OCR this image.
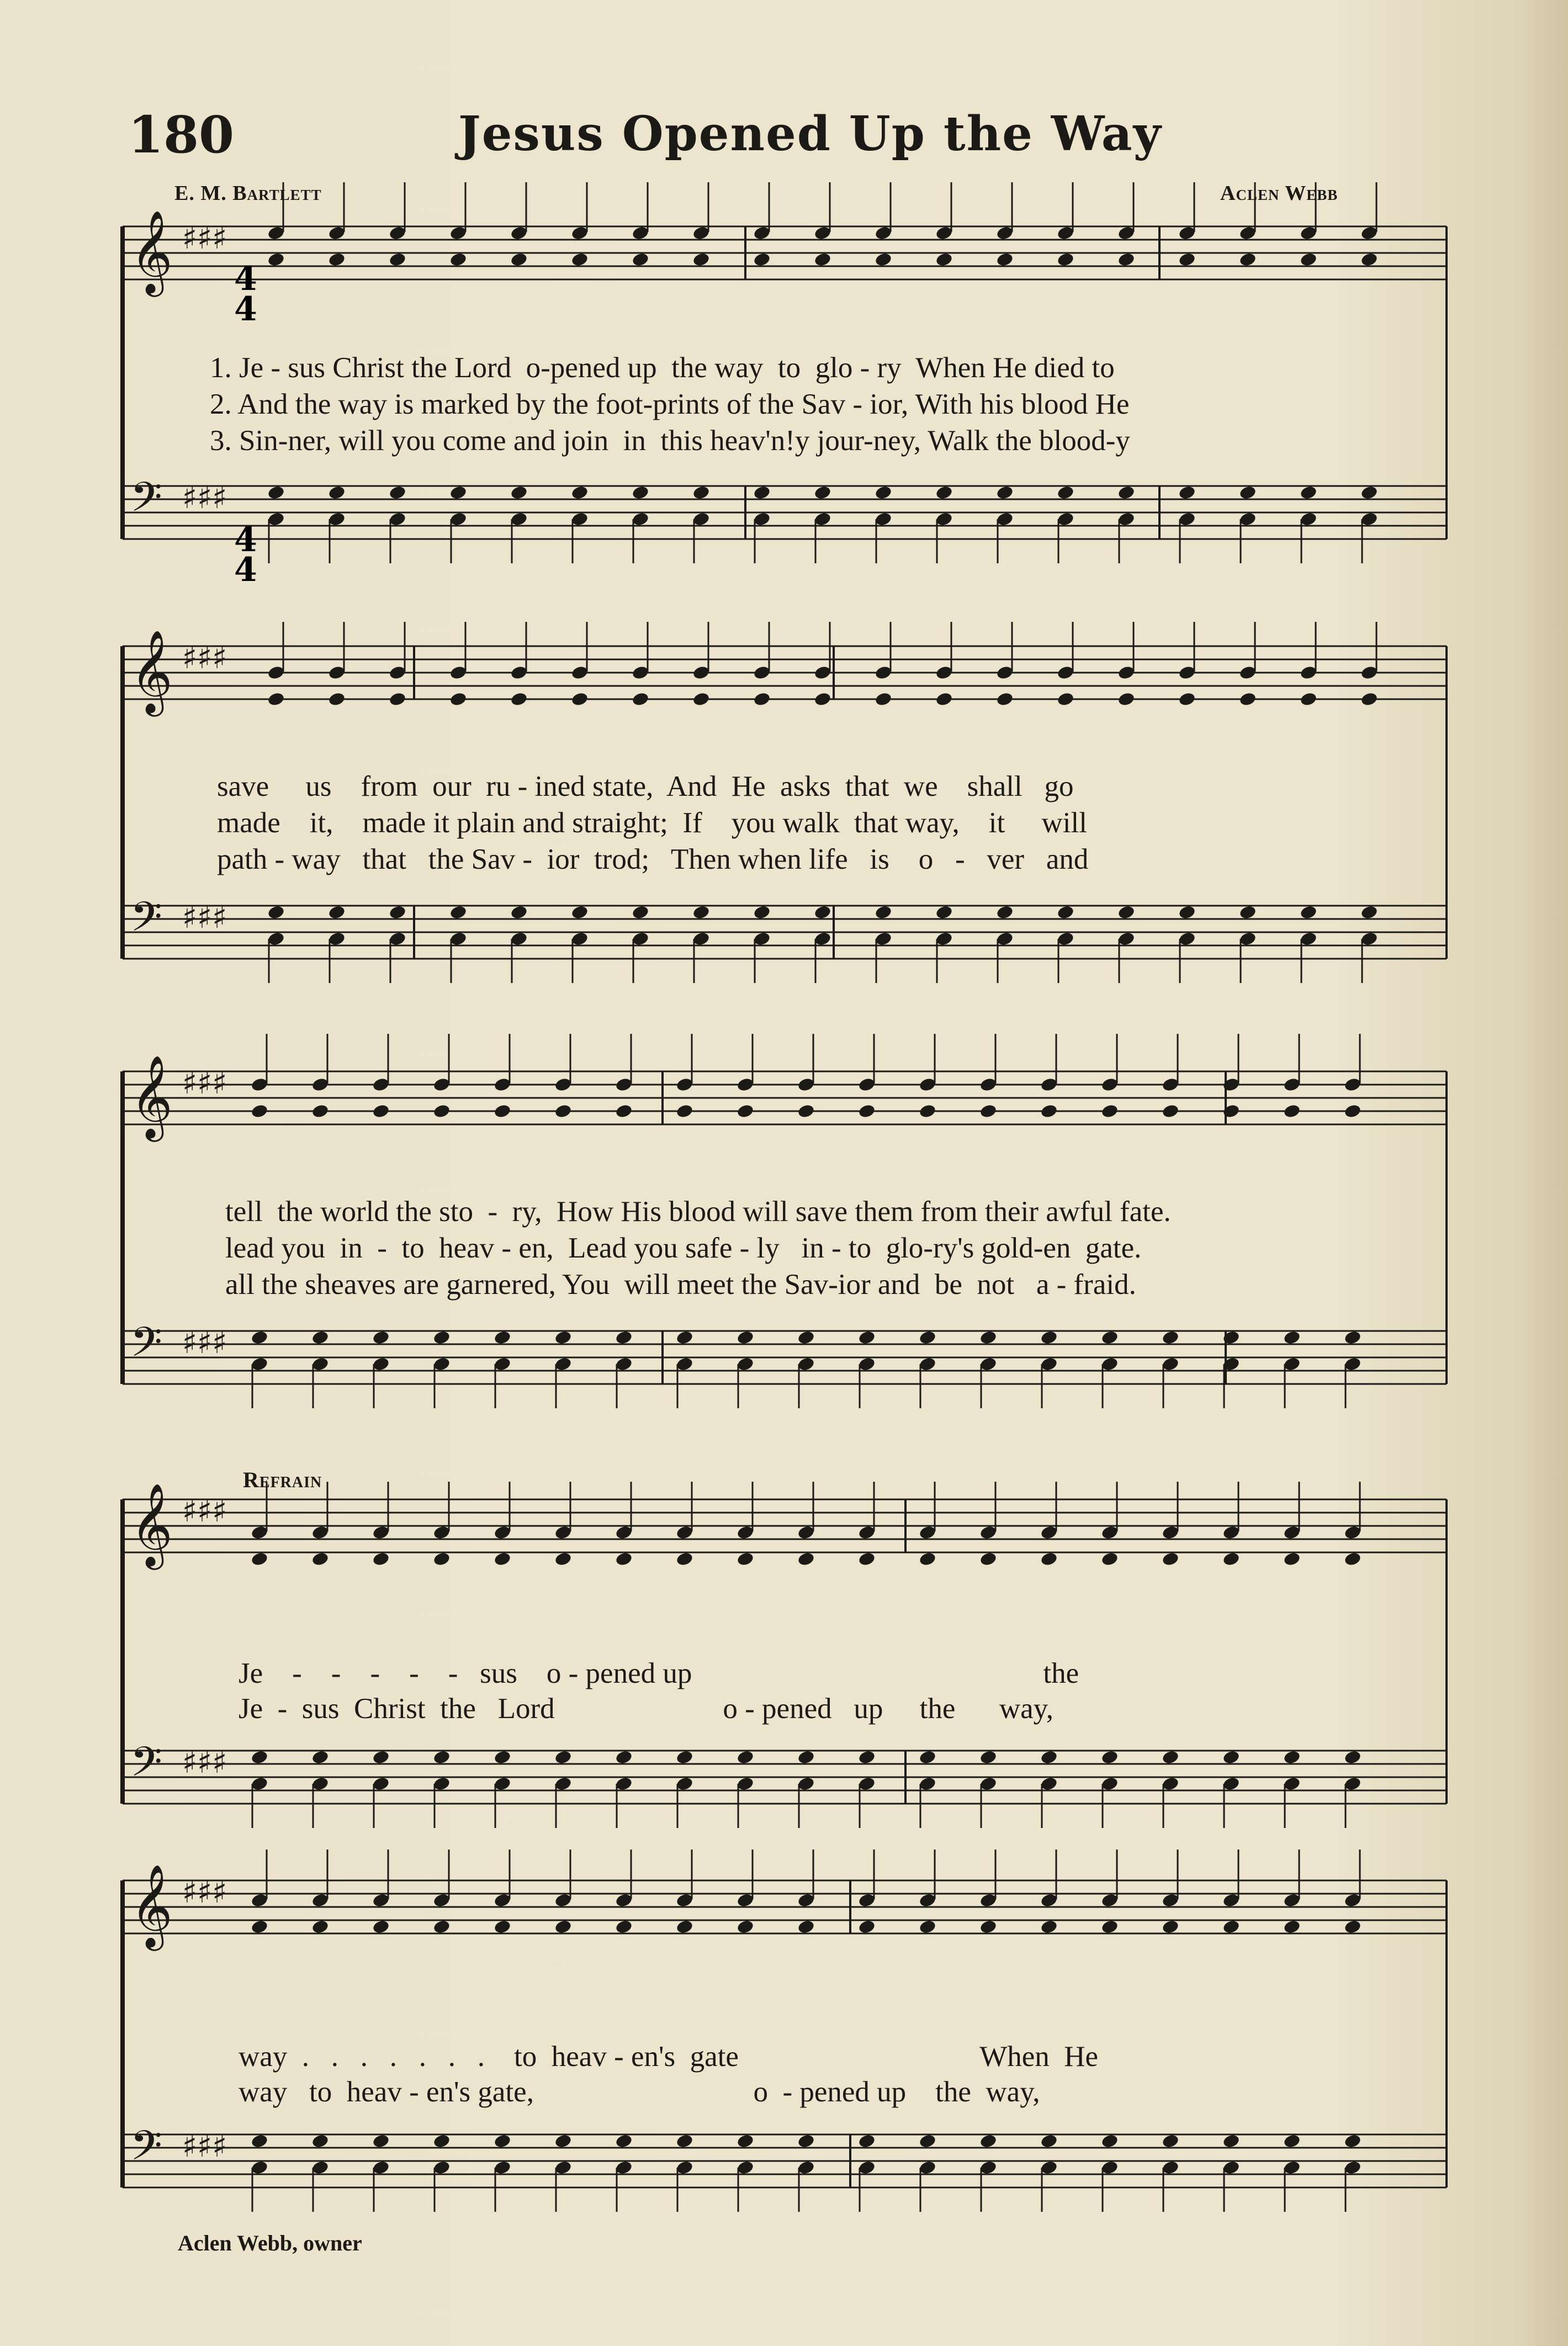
180	Jesus Opened Up the Way
E. M. Bartlett	Aclen Webb
𝄞 ♯♯♯
𝄢 ♯♯♯
𝄞 ♯♯♯
𝄢 ♯♯♯
𝄞 ♯♯♯
𝄢 ♯♯♯
𝄞 ♯♯♯
𝄢 ♯♯♯
𝄞 ♯♯♯
𝄢 ♯♯♯
4
4
4
4
1. Je - sus Christ the Lord  o-pened up  the way  to  glo - ry  When He died to
2. And the way is marked by the foot-prints of the Sav - ior, With his blood He
3. Sin-ner, will you come and join  in  this heav'n!y jour-ney, Walk the blood-y
save     us    from  our  ru - ined state,  And  He  asks  that  we    shall   go
made    it,    made it plain and straight;  If    you walk  that way,    it     will
path - way   that   the Sav -  ior  trod;   Then when life   is    o   -   ver   and
tell  the world the sto  -  ry,  How His blood will save them from their awful fate.
lead you  in  -  to  heav - en,  Lead you safe - ly   in - to  glo-ry's gold-en  gate.
all the sheaves are garnered, You  will meet the Sav-ior and  be  not   a - fraid.
Refrain
Je    -    -    -    -    -   sus    o - pened up                                                the
Je  -  sus  Christ  the   Lord                       o - pened   up     the      way,
way  .   .   .   .   .   .   .    to  heav - en's  gate                                 When  He
way   to  heav - en's gate,                              o  - pened up    the  way,
Aclen Webb, owner
